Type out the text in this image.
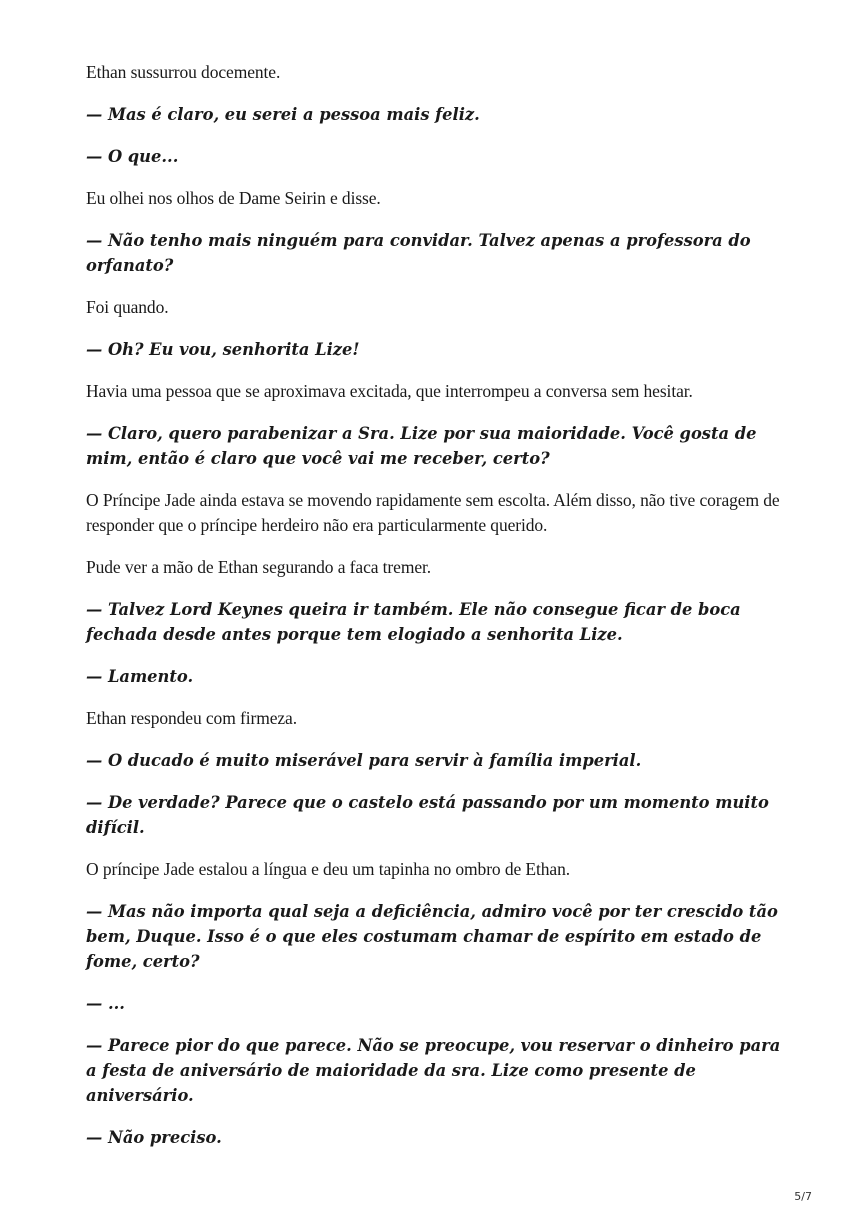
Ethan sussurrou docemente.

— Mas é claro, eu serei a pessoa mais feliz.

— O que...

Eu olhei nos olhos de Dame Seirin e disse.

— Não tenho mais ninguém para convidar. Talvez apenas a professora do orfanato?

Foi quando.

— Oh? Eu vou, senhorita Lize!

Havia uma pessoa que se aproximava excitada, que interrompeu a conversa sem hesitar.

— Claro, quero parabenizar a Sra. Lize por sua maioridade. Você gosta de mim, então é claro que você vai me receber, certo?

O Príncipe Jade ainda estava se movendo rapidamente sem escolta. Além disso, não tive coragem de responder que o príncipe herdeiro não era particularmente querido.

Pude ver a mão de Ethan segurando a faca tremer.

— Talvez Lord Keynes queira ir também. Ele não consegue ficar de boca fechada desde antes porque tem elogiado a senhorita Lize.

— Lamento.

Ethan respondeu com firmeza.

— O ducado é muito miserável para servir à família imperial.

— De verdade? Parece que o castelo está passando por um momento muito difícil.

O príncipe Jade estalou a língua e deu um tapinha no ombro de Ethan.

— Mas não importa qual seja a deficiência, admiro você por ter crescido tão bem, Duque. Isso é o que eles costumam chamar de espírito em estado de fome, certo?

— ...

— Parece pior do que parece. Não se preocupe, vou reservar o dinheiro para a festa de aniversário de maioridade da sra. Lize como presente de aniversário.

— Não preciso.

5/7
